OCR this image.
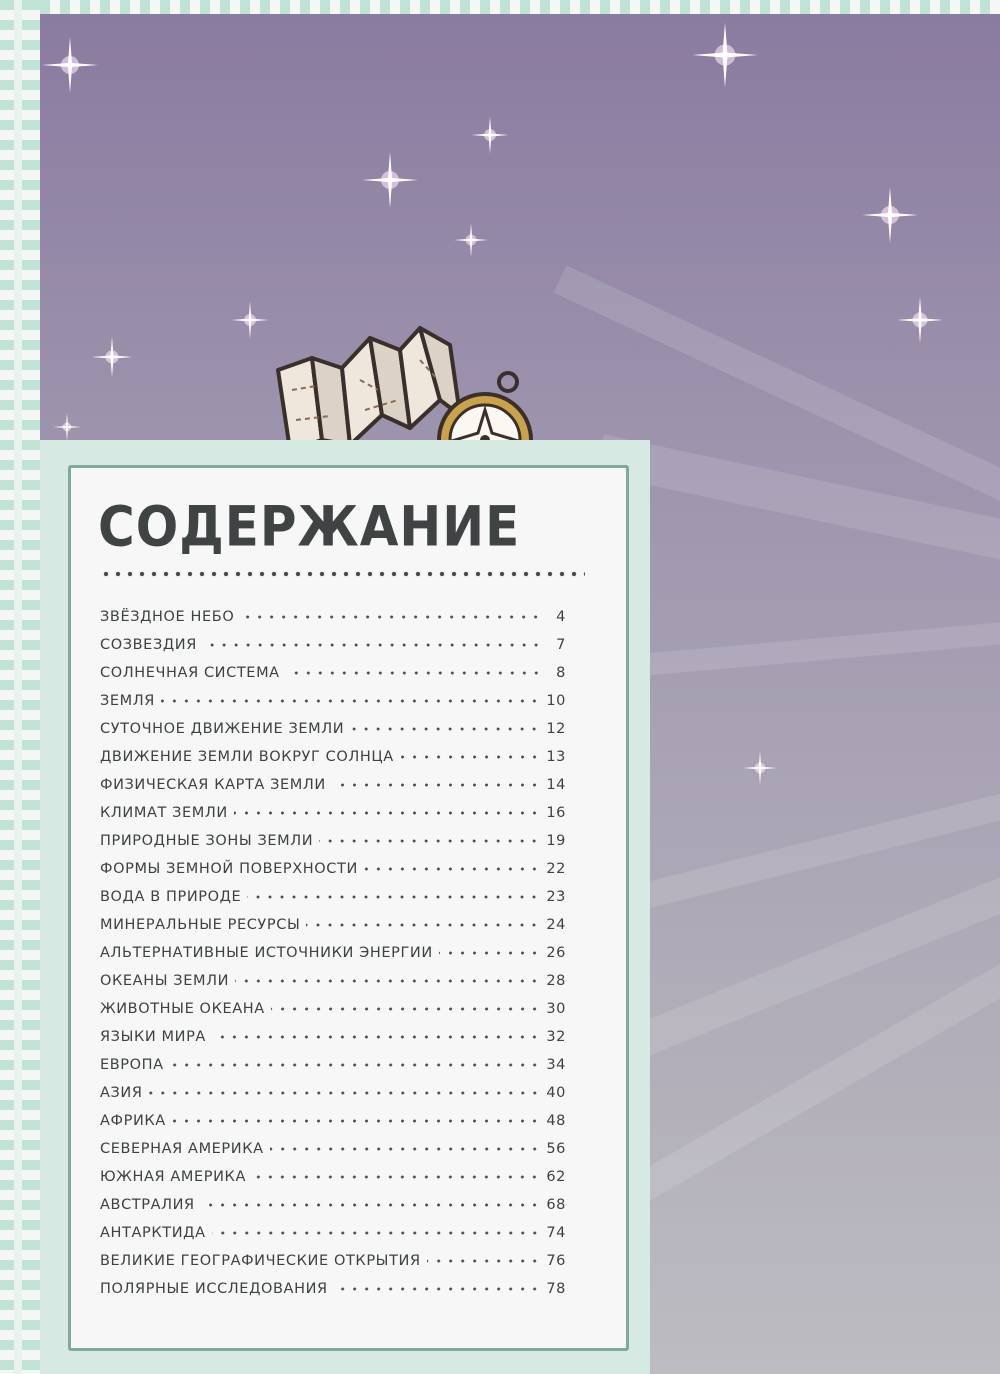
СОДЕРЖАНИЕ
ЗВЁЗДНОЕ НЕБО	4
СОЗВЕЗДИЯ	7
СОЛНЕЧНАЯ СИСТЕМА	8
ЗЕМЛЯ	10
СУТОЧНОЕ ДВИЖЕНИЕ ЗЕМЛИ	12
ДВИЖЕНИЕ ЗЕМЛИ ВОКРУГ СОЛНЦА	13
ФИЗИЧЕСКАЯ КАРТА ЗЕМЛИ	14
КЛИМАТ ЗЕМЛИ	16
ПРИРОДНЫЕ ЗОНЫ ЗЕМЛИ	19
ФОРМЫ ЗЕМНОЙ ПОВЕРХНОСТИ	22
ВОДА В ПРИРОДЕ	23
МИНЕРАЛЬНЫЕ РЕСУРСЫ	24
АЛЬТЕРНАТИВНЫЕ ИСТОЧНИКИ ЭНЕРГИИ	26
ОКЕАНЫ ЗЕМЛИ	28
ЖИВОТНЫЕ ОКЕАНА	30
ЯЗЫКИ МИРА	32
ЕВРОПА	34
АЗИЯ	40
АФРИКА	48
СЕВЕРНАЯ АМЕРИКА	56
ЮЖНАЯ АМЕРИКА	62
АВСТРАЛИЯ	68
АНТАРКТИДА	74
ВЕЛИКИЕ ГЕОГРАФИЧЕСКИЕ ОТКРЫТИЯ	76
ПОЛЯРНЫЕ ИССЛЕДОВАНИЯ	78
